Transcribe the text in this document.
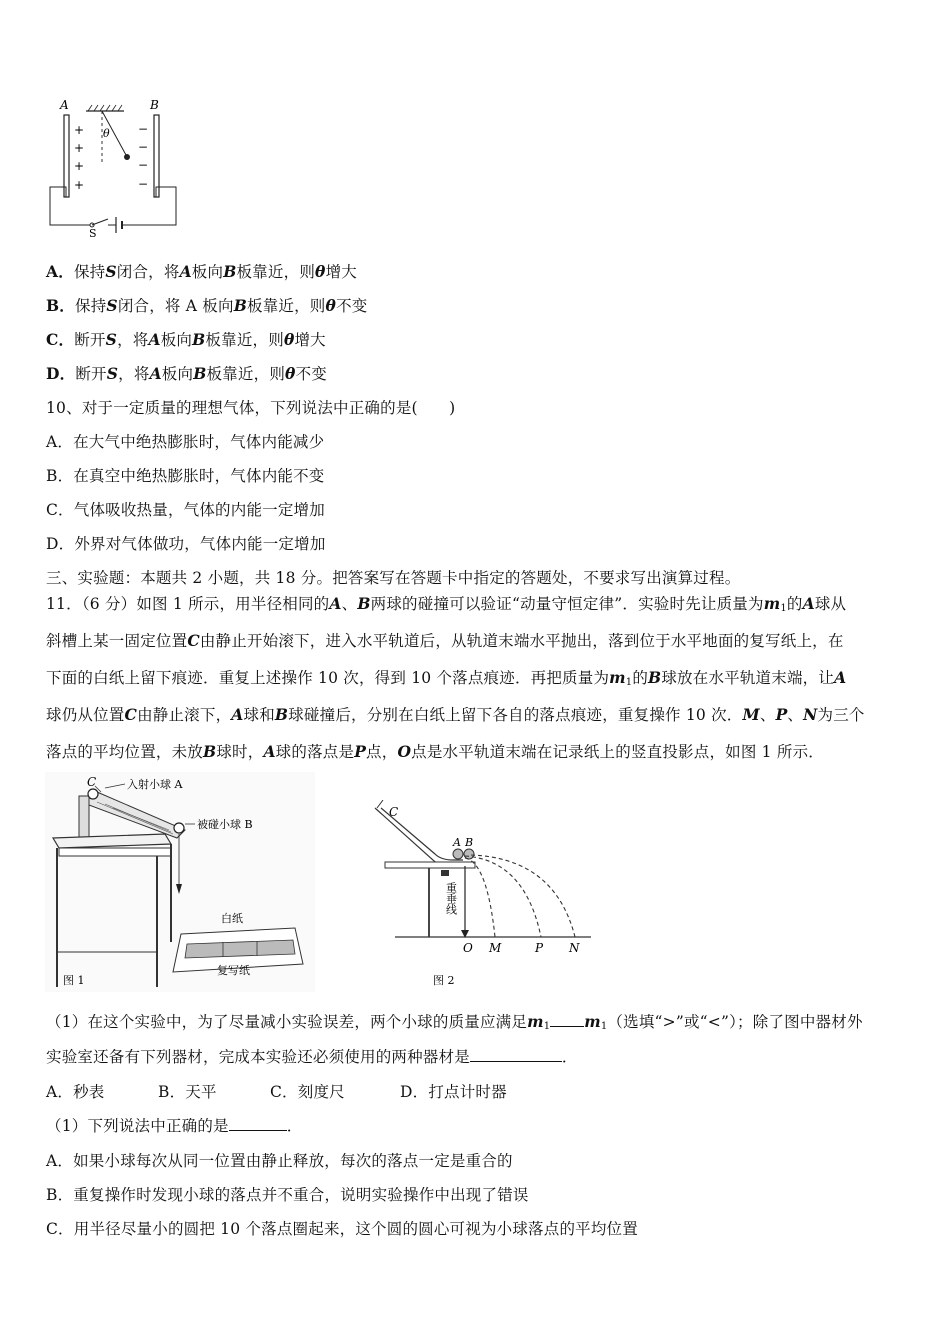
A	B
θ
+
+
+
+
−
−
−
−
S
A．保持S闭合，将A板向B板靠近，则θ增大
B．保持S闭合，将 A 板向B板靠近，则θ不变
C．断开S，将A板向B板靠近，则θ增大
D．断开S，将A板向B板靠近，则θ不变
10、对于一定质量的理想气体，下列说法中正确的是(　　)
A．在大气中绝热膨胀时，气体内能减少
B．在真空中绝热膨胀时，气体内能不变
C．气体吸收热量，气体的内能一定增加
D．外界对气体做功，气体内能一定增加
三、实验题：本题共 2 小题，共 18 分。把答案写在答题卡中指定的答题处，不要求写出演算过程。
11．（6 分）如图 1 所示，用半径相同的A、B两球的碰撞可以验证“动量守恒定律”．实验时先让质量为$m_1$的A球从
斜槽上某一固定位置C由静止开始滚下，进入水平轨道后，从轨道末端水平抛出，落到位于水平地面的复写纸上，在
下面的白纸上留下痕迹．重复上述操作 10 次，得到 10 个落点痕迹．再把质量为$m_1$的B球放在水平轨道末端，让A
球仍从位置C由静止滚下，A球和B球碰撞后，分别在白纸上留下各自的落点痕迹，重复操作 10 次．M、P、N为三个
落点的平均位置，未放B球时，A球的落点是P点，O点是水平轨道末端在记录纸上的竖直投影点，如图 1 所示．
C	入射小球 A
被碰小球 B
白纸
复写纸
图 1
C
A B
重垂线
O M	P N
图 2
（1）在这个实验中，为了尽量减小实验误差，两个小球的质量应满足$m_1$ $m_1$（选填“>”或“<”）；除了图中器材外
实验室还备有下列器材，完成本实验还必须使用的两种器材是	．
A．秒表	B．天平	C．刻度尺	D．打点计时器
（1）下列说法中正确的是	．
A．如果小球每次从同一位置由静止释放，每次的落点一定是重合的
B．重复操作时发现小球的落点并不重合，说明实验操作中出现了错误
C．用半径尽量小的圆把 10 个落点圈起来，这个圆的圆心可视为小球落点的平均位置
